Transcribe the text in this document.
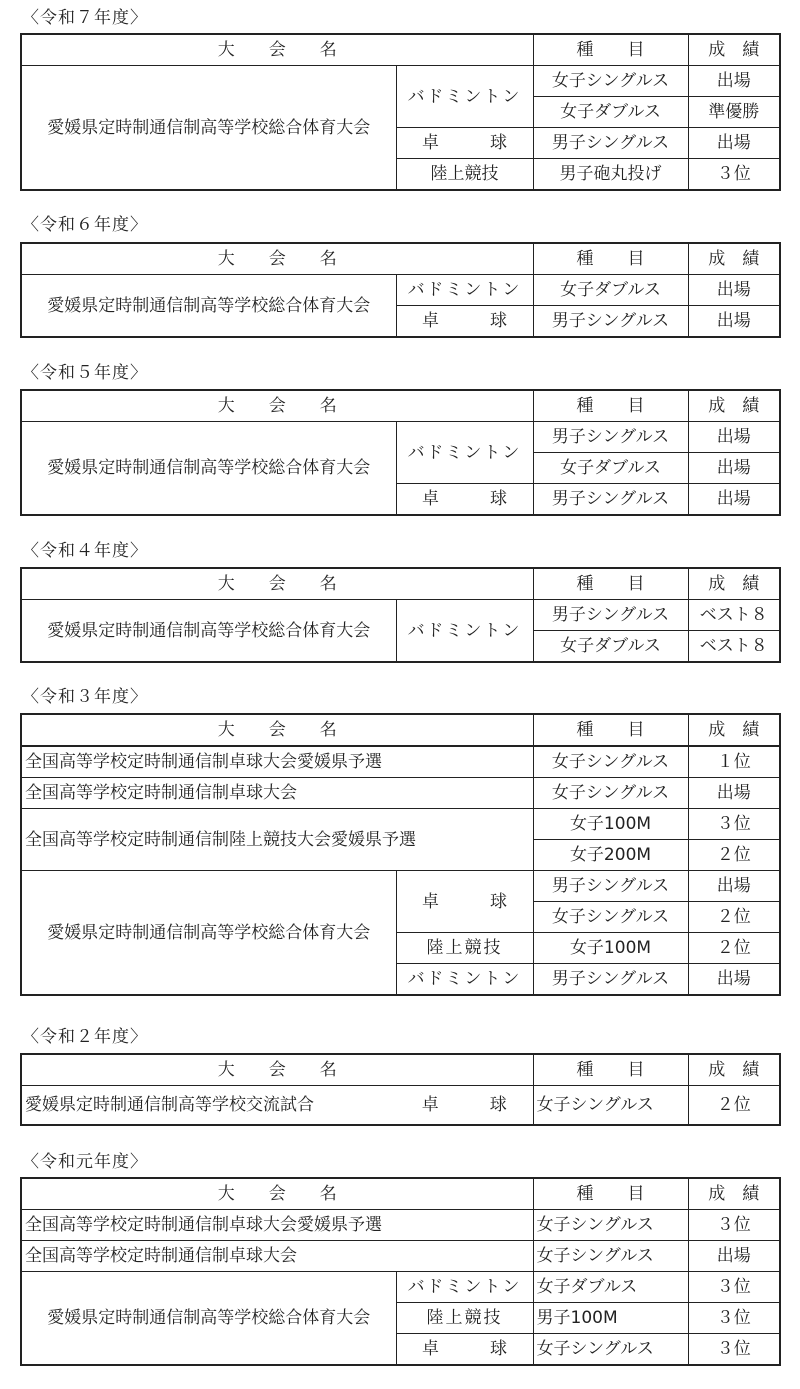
〈令和７年度〉
大　　会　　名		種　　目	成　績
愛媛県定時制通信制高等学校総合体育大会	バドミントン	女子シングルス	出場
		女子ダブルス	準優勝
	卓　　　球	男子シングルス	出場
	陸上競技	男子砲丸投げ	３位
〈令和６年度〉
大　　会　　名		種　　目	成　績
愛媛県定時制通信制高等学校総合体育大会	バドミントン	女子ダブルス	出場
	卓　　　球	男子シングルス	出場
〈令和５年度〉
大　　会　　名		種　　目	成　績
愛媛県定時制通信制高等学校総合体育大会	バドミントン	男子シングルス	出場
		女子ダブルス	出場
	卓　　　球	男子シングルス	出場
〈令和４年度〉
大　　会　　名		種　　目	成　績
愛媛県定時制通信制高等学校総合体育大会	バドミントン	男子シングルス	ベスト８
		女子ダブルス	ベスト８
〈令和３年度〉
大　　会　　名		種　　目	成　績
全国高等学校定時制通信制卓球大会愛媛県予選		女子シングルス	１位
全国高等学校定時制通信制卓球大会		女子シングルス	出場
全国高等学校定時制通信制陸上競技大会愛媛県予選		女子100M	３位
		女子200M	２位
愛媛県定時制通信制高等学校総合体育大会	卓　　　球	男子シングルス	出場
		女子シングルス	２位
	陸上競技	女子100M	２位
	バドミントン	男子シングルス	出場
〈令和２年度〉
大　　会　　名		種　　目	成　績
愛媛県定時制通信制高等学校交流試合	卓　　　球	女子シングルス	２位
〈令和元年度〉
大　　会　　名		種　　目	成　績
全国高等学校定時制通信制卓球大会愛媛県予選		女子シングルス	３位
全国高等学校定時制通信制卓球大会		女子シングルス	出場
愛媛県定時制通信制高等学校総合体育大会	バドミントン	女子ダブルス	３位
	陸上競技	男子100M	３位
	卓　　　球	女子シングルス	３位
